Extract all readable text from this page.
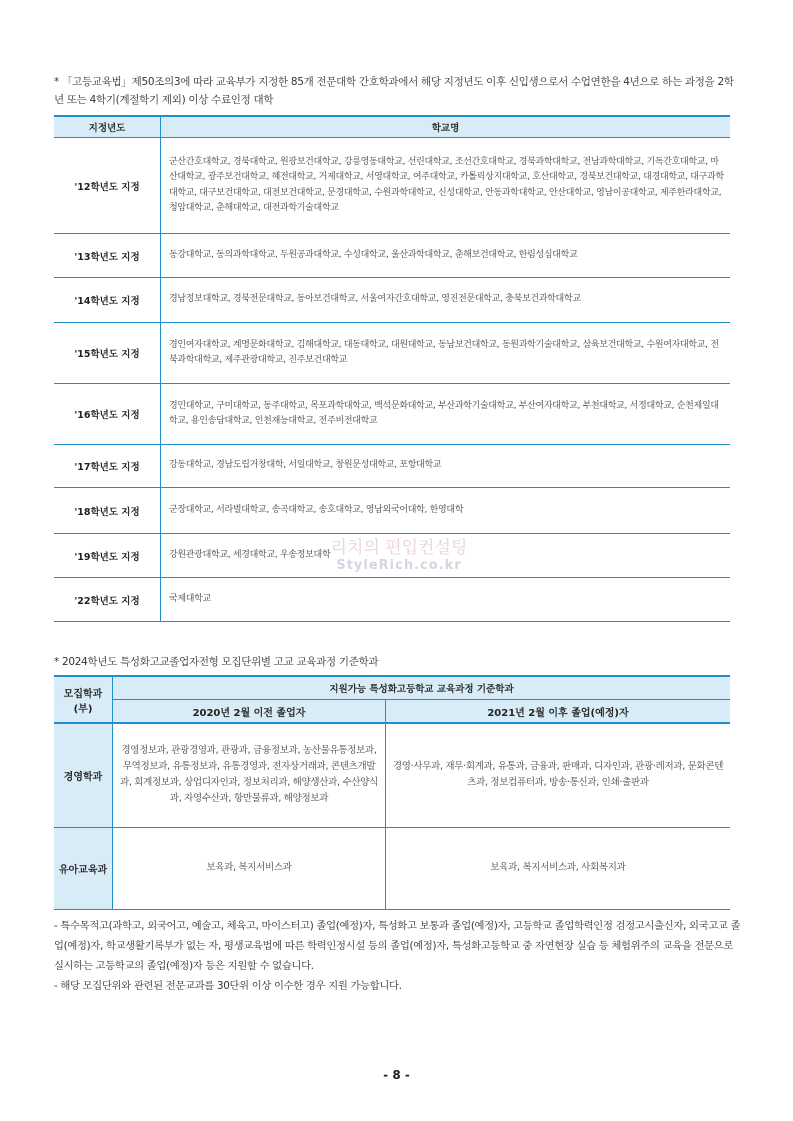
* 「고등교육법」제50조의3에 따라 교육부가 지정한 85개 전문대학 간호학과에서 해당 지정년도 이후 신입생으로서 수업연한을 4년으로 하는 과정을 2학년 또는 4학기(계절학기 제외) 이상 수료인정 대학
지정년도	학교명
'12학년도 지정	군산간호대학교, 경북대학교, 원광보건대학교, 강릉영동대학교, 선린대학교, 조선간호대학교, 경북과학대학교, 전남과학대학교, 기독간호대학교, 마산대학교, 광주보건대학교, 혜전대학교, 거제대학교, 서영대학교, 여주대학교, 카톨릭상지대학교, 호산대학교, 경북보건대학교, 대경대학교, 대구과학대학교, 대구보건대학교, 대전보건대학교, 문경대학교, 수원과학대학교, 신성대학교, 안동과학대학교, 안산대학교, 영남이공대학교, 제주한라대학교, 청암대학교, 춘해대학교, 대전과학기술대학교
'13학년도 지정	동강대학교, 동의과학대학교, 두원공과대학교, 수성대학교, 울산과학대학교, 춘해보건대학교, 한림성심대학교
'14학년도 지정	경남정보대학교, 경북전문대학교, 동아보건대학교, 서울여자간호대학교, 영진전문대학교, 충북보건과학대학교
'15학년도 지정	경인여자대학교, 계명문화대학교, 김해대학교, 대동대학교, 대원대학교, 동남보건대학교, 동원과학기술대학교, 삼육보건대학교, 수원여자대학교, 전북과학대학교, 제주관광대학교, 진주보건대학교
'16학년도 지정	경민대학교, 구미대학교, 동주대학교, 목포과학대학교, 백석문화대학교, 부산과학기술대학교, 부산여자대학교, 부천대학교, 서정대학교, 순천제일대학교, 용인송담대학교, 인천재능대학교, 전주비전대학교
'17학년도 지정	강동대학교, 경남도립거창대학, 서일대학교, 창원문성대학교, 포항대학교
'18학년도 지정	군장대학교, 서라벌대학교, 송곡대학교, 송호대학교, 영남외국어대학, 한영대학
'19학년도 지정	강원관광대학교, 세경대학교, 우송정보대학
'22학년도 지정	국제대학교
리치의 편입컨설팅
StyleRich.co.kr
* 2024학년도 특성화고교졸업자전형 모집단위별 고교 교육과정 기준학과
모집학과(부)	지원가능 특성화고등학교 교육과정 기준학과	
	2020년 2월 이전 졸업자	2021년 2월 이후 졸업(예정)자
경영학과	경영정보과, 관광경영과, 관광과, 금융정보과, 농산물유통정보과, 무역정보과, 유통정보과, 유통경영과, 전자상거래과, 콘텐츠개발과, 회계정보과, 상업디자인과, 정보처리과, 해양생산과, 수산양식과, 자영수산과, 항만물류과, 해양정보과	경영·사무과, 재무·회계과, 유통과, 금융과, 판매과, 디자인과, 관광·레저과, 문화콘텐츠과, 정보컴퓨터과, 방송·통신과, 인쇄·출판과
유아교육과	보육과, 복지서비스과	보육과, 복지서비스과, 사회복지과

- 특수목적고(과학고, 외국어고, 예술고, 체육고, 마이스터고) 졸업(예정)자, 특성화고 보통과 졸업(예정)자, 고등학교 졸업학력인정 검정고시출신자, 외국고교 졸업(예정)자, 학교생활기록부가 없는 자, 평생교육법에 따른 학력인정시설 등의 졸업(예정)자, 특성화고등학교 중 자연현장 실습 등 체험위주의 교육을 전문으로 실시하는 고등학교의 졸업(예정)자 등은 지원할 수 없습니다.

- 해당 모집단위와 관련된 전문교과를 30단위 이상 이수한 경우 지원 가능합니다.

- 8 -
